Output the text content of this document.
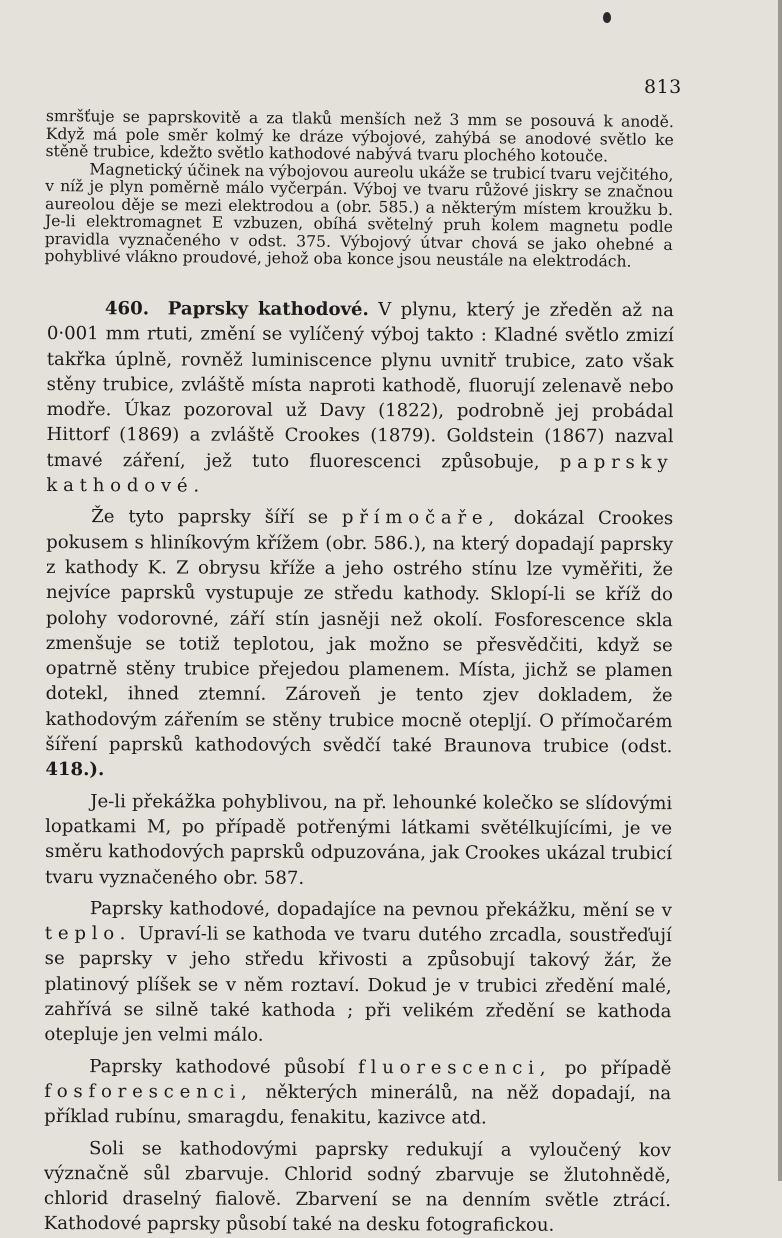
813

smršťuje se paprskovitě a za tlaků menších než 3 mm se posouvá k anodě. Když má pole směr kolmý ke dráze výbojové, zahýbá se anodové světlo ke stěně trubice, kdežto světlo kathodové nabývá tvaru plochého kotouče.

Magnetický účinek na výbojovou aureolu ukáže se trubicí tvaru vejčitého, v níž je plyn poměrně málo vyčerpán. Výboj ve tvaru růžové jiskry se značnou aureolou děje se mezi elektrodou a (obr. 585.) a některým místem kroužku b. Je-li elektromagnet E vzbuzen, obíhá světelný pruh kolem magnetu podle pravidla vyznačeného v odst. 375. Výbojový útvar chová se jako ohebné a pohyblivé vlákno proudové, jehož oba konce jsou neustále na elektrodách.

460. Paprsky kathodové. V plynu, který je zředěn až na 0·001 mm rtuti, změní se vylíčený výboj takto : Kladné světlo zmizí takřka úplně, rovněž luminiscence plynu uvnitř trubice, zato však stěny trubice, zvláště místa naproti kathodě, fluorují zelenavě nebo modře. Úkaz pozoroval už Davy (1822), podrobně jej probádal Hittorf (1869) a zvláště Crookes (1879). Goldstein (1867) nazval tmavé záření, jež tuto fluorescenci způsobuje, paprsky kathodové.

Že tyto paprsky šíří se přímočaře, dokázal Crookes pokusem s hliníkovým křížem (obr. 586.), na který dopadají paprsky z kathody K. Z obrysu kříže a jeho ostrého stínu lze vyměřiti, že nejvíce paprsků vystupuje ze středu kathody. Sklopí-li se kříž do polohy vodorovné, září stín jasněji než okolí. Fosforescence skla zmenšuje se totiž teplotou, jak možno se přesvědčiti, když se opatrně stěny trubice přejedou plamenem. Místa, jichž se plamen dotekl, ihned ztemní. Zároveň je tento zjev dokladem, že kathodovým zářením se stěny trubice mocně otepljí. O přímočarém šíření paprsků kathodových svědčí také Braunova trubice (odst. 418.).

Je-li překážka pohyblivou, na př. lehounké kolečko se slídovými lopatkami M, po případě potřenými látkami světélkujícími, je ve směru kathodových paprsků odpuzována, jak Crookes ukázal trubicí tvaru vyznačeného obr. 587.

Paprsky kathodové, dopadajíce na pevnou překážku, mění se v teplo. Upraví-li se kathoda ve tvaru dutého zrcadla, soustřeďují se paprsky v jeho středu křivosti a způsobují takový žár, že platinový plíšek se v něm roztaví. Dokud je v trubici zředění malé, zahřívá se silně také kathoda ; při velikém zředění se kathoda otepluje jen velmi málo.

Paprsky kathodové působí fluorescenci, po případě fosforescenci, některých minerálů, na něž dopadají, na příklad rubínu, smaragdu, fenakitu, kazivce atd.

Soli se kathodovými paprsky redukují a vyloučený kov význačně sůl zbarvuje. Chlorid sodný zbarvuje se žlutohnědě, chlorid draselný fialově. Zbarvení se na denním světle ztrácí. Kathodové paprsky působí také na desku fotografickou.
